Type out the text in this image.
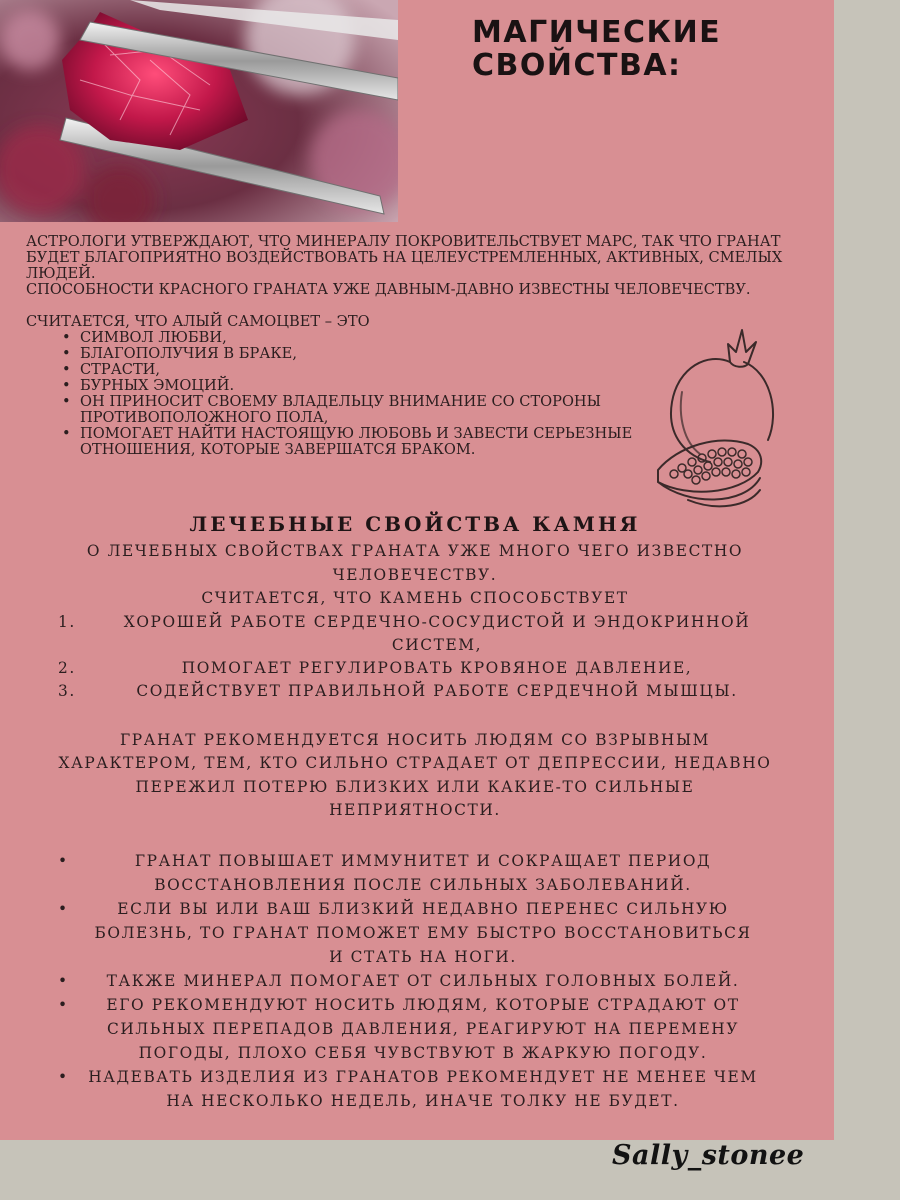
МАГИЧЕСКИЕ СВОЙСТВА:

АСТРОЛОГИ УТВЕРЖДАЮТ, ЧТО МИНЕРАЛУ ПОКРОВИТЕЛЬСТВУЕТ МАРС, ТАК ЧТО ГРАНАТ БУДЕТ БЛАГОПРИЯТНО ВОЗДЕЙСТВОВАТЬ НА ЦЕЛЕУСТРЕМЛЕННЫХ, АКТИВНЫХ, СМЕЛЫХ ЛЮДЕЙ.

СПОСОБНОСТИ КРАСНОГО ГРАНАТА УЖЕ ДАВНЫМ-ДАВНО ИЗВЕСТНЫ ЧЕЛОВЕЧЕСТВУ.

СЧИТАЕТСЯ, ЧТО АЛЫЙ САМОЦВЕТ – ЭТО

• СИМВОЛ ЛЮБВИ,
• БЛАГОПОЛУЧИЯ В БРАКЕ,
• СТРАСТИ,
• БУРНЫХ ЭМОЦИЙ.
• ОН ПРИНОСИТ СВОЕМУ ВЛАДЕЛЬЦУ ВНИМАНИЕ СО СТОРОНЫ ПРОТИВОПОЛОЖНОГО ПОЛА,
• ПОМОГАЕТ НАЙТИ НАСТОЯЩУЮ ЛЮБОВЬ И ЗАВЕСТИ СЕРЬЕЗНЫЕ ОТНОШЕНИЯ, КОТОРЫЕ ЗАВЕРШАТСЯ БРАКОМ.
ЛЕЧЕБНЫЕ СВОЙСТВА КАМНЯ

О ЛЕЧЕБНЫХ СВОЙСТВАХ ГРАНАТА УЖЕ МНОГО ЧЕГО ИЗВЕСТНО ЧЕЛОВЕЧЕСТВУ.

СЧИТАЕТСЯ, ЧТО КАМЕНЬ СПОСОБСТВУЕТ

1.	ХОРОШЕЙ РАБОТЕ СЕРДЕЧНО-СОСУДИСТОЙ И ЭНДОКРИННОЙ СИСТЕМ,
2.	ПОМОГАЕТ РЕГУЛИРОВАТЬ КРОВЯНОЕ ДАВЛЕНИЕ,
3.	СОДЕЙСТВУЕТ ПРАВИЛЬНОЙ РАБОТЕ СЕРДЕЧНОЙ МЫШЦЫ.

ГРАНАТ РЕКОМЕНДУЕТСЯ НОСИТЬ ЛЮДЯМ СО ВЗРЫВНЫМ ХАРАКТЕРОМ, ТЕМ, КТО СИЛЬНО СТРАДАЕТ ОТ ДЕПРЕССИИ, НЕДАВНО ПЕРЕЖИЛ ПОТЕРЮ БЛИЗКИХ ИЛИ КАКИЕ-ТО СИЛЬНЫЕ НЕПРИЯТНОСТИ.

• ГРАНАТ ПОВЫШАЕТ ИММУНИТЕТ И СОКРАЩАЕТ ПЕРИОД ВОССТАНОВЛЕНИЯ ПОСЛЕ СИЛЬНЫХ ЗАБОЛЕВАНИЙ.
• ЕСЛИ ВЫ ИЛИ ВАШ БЛИЗКИЙ НЕДАВНО ПЕРЕНЕС СИЛЬНУЮ БОЛЕЗНЬ, ТО ГРАНАТ ПОМОЖЕТ ЕМУ БЫСТРО ВОССТАНОВИТЬСЯ И СТАТЬ НА НОГИ.
• ТАКЖЕ МИНЕРАЛ ПОМОГАЕТ ОТ СИЛЬНЫХ ГОЛОВНЫХ БОЛЕЙ.
• ЕГО РЕКОМЕНДУЮТ НОСИТЬ ЛЮДЯМ, КОТОРЫЕ СТРАДАЮТ ОТ СИЛЬНЫХ ПЕРЕПАДОВ ДАВЛЕНИЯ, РЕАГИРУЮТ НА ПЕРЕМЕНУ ПОГОДЫ, ПЛОХО СЕБЯ ЧУВСТВУЮТ В ЖАРКУЮ ПОГОДУ.
• НАДЕВАТЬ ИЗДЕЛИЯ ИЗ ГРАНАТОВ РЕКОМЕНДУЕТ НЕ МЕНЕЕ ЧЕМ НА НЕСКОЛЬКО НЕДЕЛЬ, ИНАЧЕ ТОЛКУ НЕ БУДЕТ.
Sally_stonee
